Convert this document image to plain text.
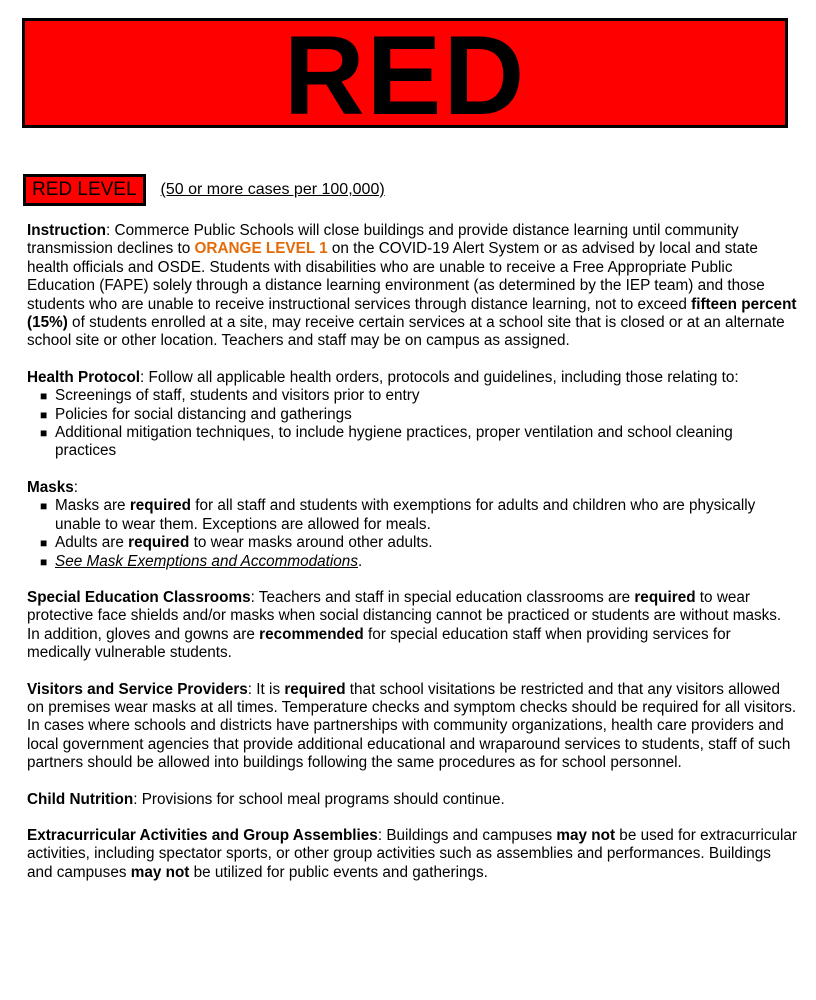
RED
RED LEVEL	(50 or more cases per 100,000)

Instruction: Commerce Public Schools will close buildings and provide distance learning until community transmission declines to ORANGE LEVEL 1 on the COVID-19 Alert System or as advised by local and state health officials and OSDE. Students with disabilities who are unable to receive a Free Appropriate Public Education (FAPE) solely through a distance learning environment (as determined by the IEP team) and those students who are unable to receive instructional services through distance learning, not to exceed fifteen percent (15%) of students enrolled at a site, may receive certain services at a school site that is closed or at an alternate school site or other location. Teachers and staff may be on campus as assigned.

Health Protocol: Follow all applicable health orders, protocols and guidelines, including those relating to:
■ Screenings of staff, students and visitors prior to entry
■ Policies for social distancing and gatherings
■ Additional mitigation techniques, to include hygiene practices, proper ventilation and school cleaning practices
Masks:
■ Masks are required for all staff and students with exemptions for adults and children who are physically unable to wear them. Exceptions are allowed for meals.
■ Adults are required to wear masks around other adults.
■ See Mask Exemptions and Accommodations.

Special Education Classrooms: Teachers and staff in special education classrooms are required to wear protective face shields and/or masks when social distancing cannot be practiced or students are without masks. In addition, gloves and gowns are recommended for special education staff when providing services for medically vulnerable students.

Visitors and Service Providers: It is required that school visitations be restricted and that any visitors allowed on premises wear masks at all times. Temperature checks and symptom checks should be required for all visitors. In cases where schools and districts have partnerships with community organizations, health care providers and local government agencies that provide additional educational and wraparound services to students, staff of such partners should be allowed into buildings following the same procedures as for school personnel.

Child Nutrition: Provisions for school meal programs should continue.

Extracurricular Activities and Group Assemblies: Buildings and campuses may not be used for extracurricular activities, including spectator sports, or other group activities such as assemblies and performances. Buildings and campuses may not be utilized for public events and gatherings.
